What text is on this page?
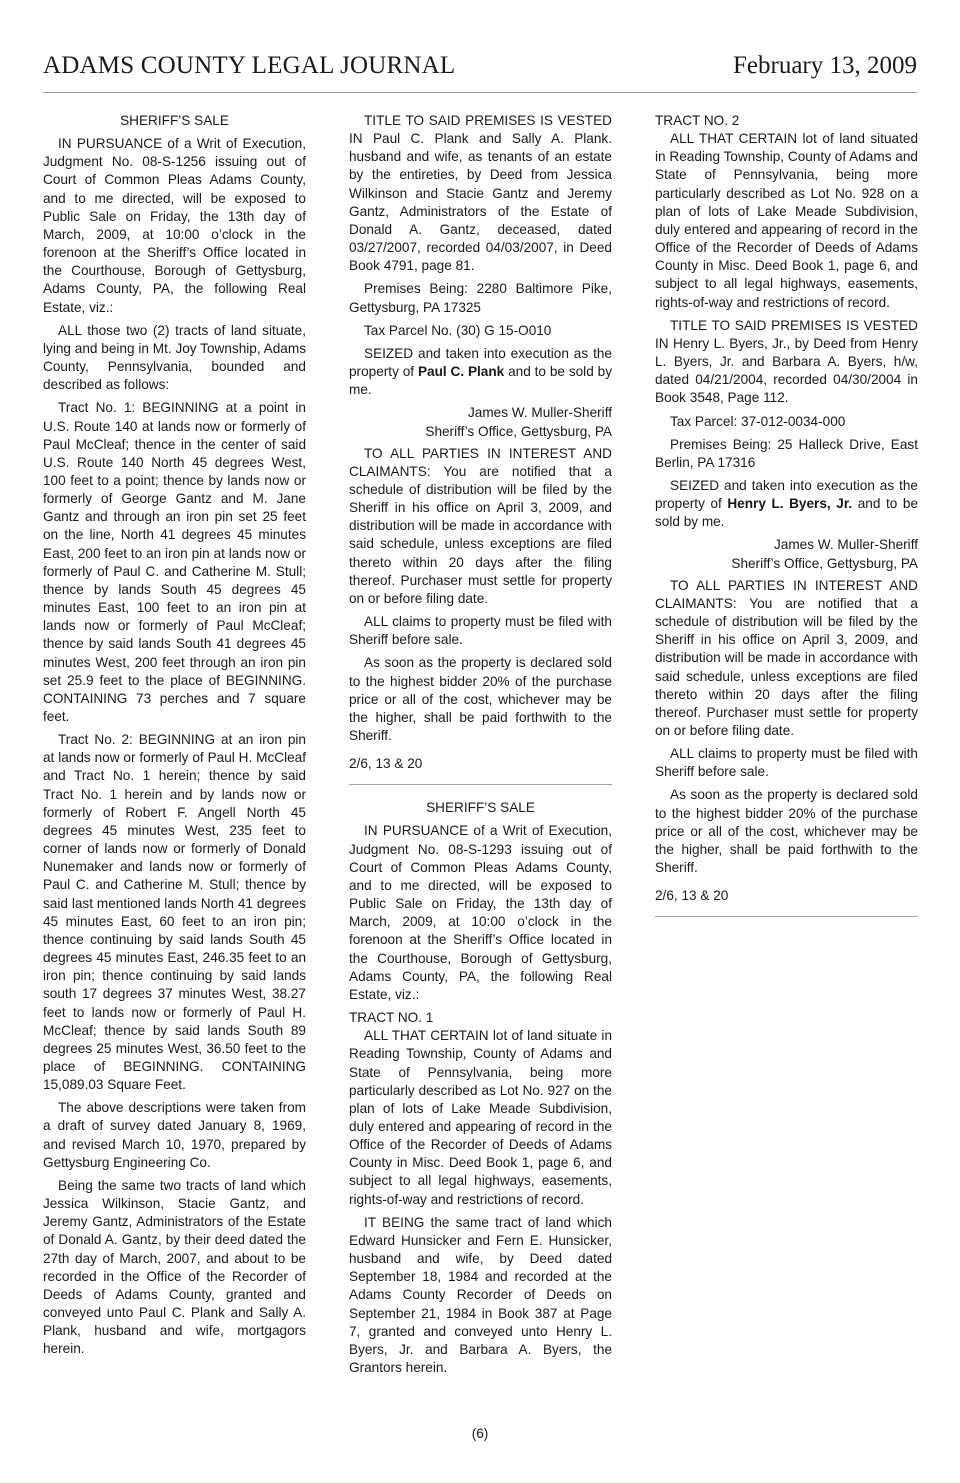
ADAMS COUNTY LEGAL JOURNAL	February 13, 2009
SHERIFF’S SALE

IN PURSUANCE of a Writ of Execution, Judgment No. 08-S-1256 issuing out of Court of Common Pleas Adams County, and to me directed, will be exposed to Public Sale on Friday, the 13th day of March, 2009, at 10:00 o’clock in the forenoon at the Sheriff’s Office located in the Courthouse, Borough of Gettysburg, Adams County, PA, the following Real Estate, viz.:

ALL those two (2) tracts of land situate, lying and being in Mt. Joy Township, Adams County, Pennsylvania, bounded and described as follows:

Tract No. 1: BEGINNING at a point in U.S. Route 140 at lands now or formerly of Paul McCleaf; thence in the center of said U.S. Route 140 North 45 degrees West, 100 feet to a point; thence by lands now or formerly of George Gantz and M. Jane Gantz and through an iron pin set 25 feet on the line, North 41 degrees 45 minutes East, 200 feet to an iron pin at lands now or formerly of Paul C. and Catherine M. Stull; thence by lands South 45 degrees 45 minutes East, 100 feet to an iron pin at lands now or formerly of Paul McCleaf; thence by said lands South 41 degrees 45 minutes West, 200 feet through an iron pin set 25.9 feet to the place of BEGINNING. CONTAINING 73 perches and 7 square feet.

Tract No. 2: BEGINNING at an iron pin at lands now or formerly of Paul H. McCleaf and Tract No. 1 herein; thence by said Tract No. 1 herein and by lands now or formerly of Robert F. Angell North 45 degrees 45 minutes West, 235 feet to corner of lands now or formerly of Donald Nunemaker and lands now or formerly of Paul C. and Catherine M. Stull; thence by said last mentioned lands North 41 degrees 45 minutes East, 60 feet to an iron pin; thence continuing by said lands South 45 degrees 45 minutes East, 246.35 feet to an iron pin; thence continuing by said lands south 17 degrees 37 minutes West, 38.27 feet to lands now or formerly of Paul H. McCleaf; thence by said lands South 89 degrees 25 minutes West, 36.50 feet to the place of BEGINNING. CONTAINING 15,089.03 Square Feet.

The above descriptions were taken from a draft of survey dated January 8, 1969, and revised March 10, 1970, prepared by Gettysburg Engineering Co.

Being the same two tracts of land which Jessica Wilkinson, Stacie Gantz, and Jeremy Gantz, Administrators of the Estate of Donald A. Gantz, by their deed dated the 27th day of March, 2007, and about to be recorded in the Office of the Recorder of Deeds of Adams County, granted and conveyed unto Paul C. Plank and Sally A. Plank, husband and wife, mortgagors herein.

TITLE TO SAID PREMISES IS VESTED IN Paul C. Plank and Sally A. Plank. husband and wife, as tenants of an estate by the entireties, by Deed from Jessica Wilkinson and Stacie Gantz and Jeremy Gantz, Administrators of the Estate of Donald A. Gantz, deceased, dated 03/27/2007, recorded 04/03/2007, in Deed Book 4791, page 81.

Premises Being: 2280 Baltimore Pike, Gettysburg, PA 17325

Tax Parcel No. (30) G 15-O010

SEIZED and taken into execution as the property of Paul C. Plank and to be sold by me.

James W. Muller-Sheriff
Sheriff’s Office, Gettysburg, PA

TO ALL PARTIES IN INTEREST AND CLAIMANTS: You are notified that a schedule of distribution will be filed by the Sheriff in his office on April 3, 2009, and distribution will be made in accordance with said schedule, unless exceptions are filed thereto within 20 days after the filing thereof. Purchaser must settle for property on or before filing date.

ALL claims to property must be filed with Sheriff before sale.

As soon as the property is declared sold to the highest bidder 20% of the purchase price or all of the cost, whichever may be the higher, shall be paid forthwith to the Sheriff.

2/6, 13 & 20

SHERIFF’S SALE

IN PURSUANCE of a Writ of Execution, Judgment No. 08-S-1293 issuing out of Court of Common Pleas Adams County, and to me directed, will be exposed to Public Sale on Friday, the 13th day of March, 2009, at 10:00 o’clock in the forenoon at the Sheriff’s Office located in the Courthouse, Borough of Gettysburg, Adams County, PA, the following Real Estate, viz.:

TRACT NO. 1

ALL THAT CERTAIN lot of land situate in Reading Township, County of Adams and State of Pennsylvania, being more particularly described as Lot No. 927 on the plan of lots of Lake Meade Subdivision, duly entered and appearing of record in the Office of the Recorder of Deeds of Adams County in Misc. Deed Book 1, page 6, and subject to all legal highways, easements, rights-of-way and restrictions of record.

IT BEING the same tract of land which Edward Hunsicker and Fern E. Hunsicker, husband and wife, by Deed dated September 18, 1984 and recorded at the Adams County Recorder of Deeds on September 21, 1984 in Book 387 at Page 7, granted and conveyed unto Henry L. Byers, Jr. and Barbara A. Byers, the Grantors herein.

TRACT NO. 2

ALL THAT CERTAIN lot of land situated in Reading Township, County of Adams and State of Pennsylvania, being more particularly described as Lot No. 928 on a plan of lots of Lake Meade Subdivision, duly entered and appearing of record in the Office of the Recorder of Deeds of Adams County in Misc. Deed Book 1, page 6, and subject to all legal highways, easements, rights-of-way and restrictions of record.

TITLE TO SAID PREMISES IS VESTED IN Henry L. Byers, Jr., by Deed from Henry L. Byers, Jr. and Barbara A. Byers, h/w, dated 04/21/2004, recorded 04/30/2004 in Book 3548, Page 112.

Tax Parcel: 37-012-0034-000

Premises Being: 25 Halleck Drive, East Berlin, PA 17316

SEIZED and taken into execution as the property of Henry L. Byers, Jr. and to be sold by me.

James W. Muller-Sheriff
Sheriff’s Office, Gettysburg, PA

TO ALL PARTIES IN INTEREST AND CLAIMANTS: You are notified that a schedule of distribution will be filed by the Sheriff in his office on April 3, 2009, and distribution will be made in accordance with said schedule, unless exceptions are filed thereto within 20 days after the filing thereof. Purchaser must settle for property on or before filing date.

ALL claims to property must be filed with Sheriff before sale.

As soon as the property is declared sold to the highest bidder 20% of the purchase price or all of the cost, whichever may be the higher, shall be paid forthwith to the Sheriff.

2/6, 13 & 20

(6)
